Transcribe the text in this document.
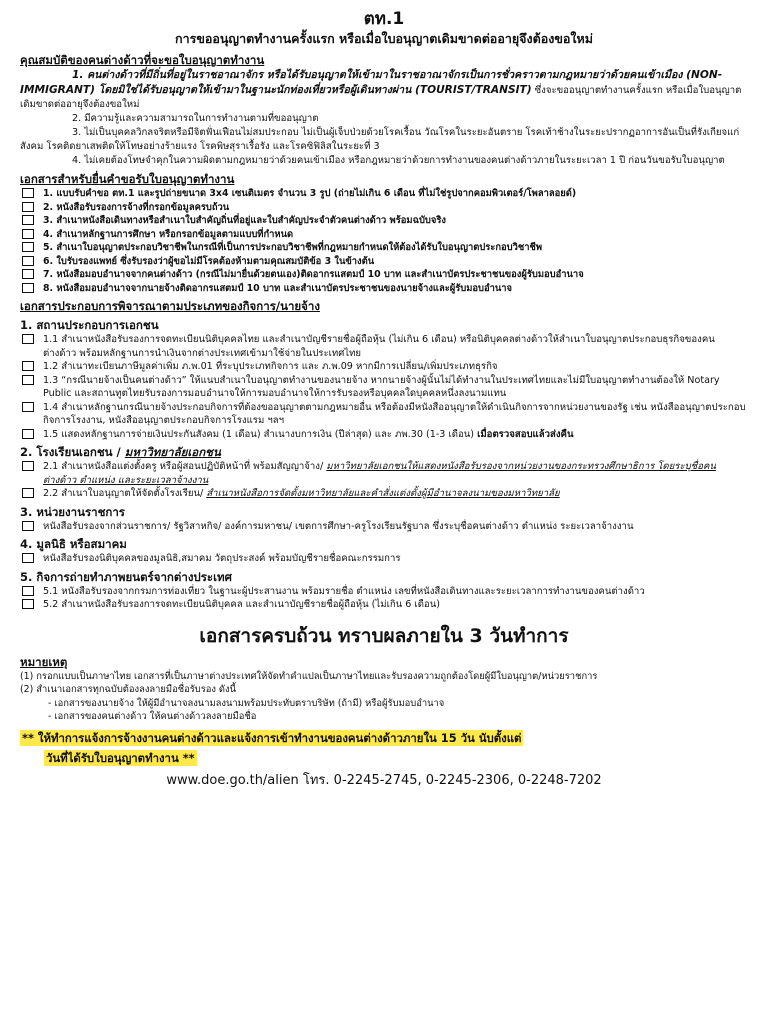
ตท.1
การขออนุญาตทำงานครั้งแรก หรือเมื่อใบอนุญาตเดิมขาดต่ออายุจึงต้องขอใหม่
คุณสมบัติของคนต่างด้าวที่จะขอใบอนุญาตทำงาน
1. คนต่างด้าวที่มีถิ่นที่อยู่ในราชอาณาจักร หรือได้รับอนุญาตให้เข้ามาในราชอาณาจักรเป็นการชั่วคราวตามกฎหมายว่าด้วยคนเข้าเมือง (NON-IMMIGRANT) โดยมิใช่ได้รับอนุญาตให้เข้ามาในฐานะนักท่องเที่ยวหรือผู้เดินทางผ่าน (TOURIST/TRANSIT) ซึ่งจะขออนุญาตทำงานครั้งแรก หรือเมื่อใบอนุญาตเดิมขาดต่ออายุจึงต้องขอใหม่
2. มีความรู้และความสามารถในการทำงานตามที่ขออนุญาต
3. ไม่เป็นบุคคลวิกลจริตหรือมีจิตฟั่นเฟือนไม่สมประกอบ ไม่เป็นผู้เจ็บป่วยด้วยโรคเรื้อน วัณโรคในระยะอันตราย โรคเท้าช้างในระยะปรากฏอาการอันเป็นที่รังเกียจแก่สังคม โรคติดยาเสพติดให้โทษอย่างร้ายแรง โรคพิษสุราเรื้อรัง และโรคซิฟิลิสในระยะที่ 3
4. ไม่เคยต้องโทษจำคุกในความผิดตามกฎหมายว่าด้วยคนเข้าเมือง หรือกฎหมายว่าด้วยการทำงานของคนต่างด้าวภายในระยะเวลา 1 ปี ก่อนวันขอรับใบอนุญาต
เอกสารสำหรับยื่นคำขอรับใบอนุญาตทำงาน
1. แบบรับคำขอ ตท.1 และรูปถ่ายขนาด 3x4 เซนติเมตร จำนวน 3 รูป (ถ่ายไม่เกิน 6 เดือน ที่ไม่ใช่รูปจากคอมพิวเตอร์/โพลาลอยด์)
2. หนังสือรับรองการจ้างที่กรอกข้อมูลครบถ้วน
3. สำเนาหนังสือเดินทางหรือสำเนาใบสำคัญถิ่นที่อยู่และใบสำคัญประจำตัวคนต่างด้าว พร้อมฉบับจริง
4. สำเนาหลักฐานการศึกษา หรือกรอกข้อมูลตามแบบที่กำหนด
5. สำเนาใบอนุญาตประกอบวิชาชีพในกรณีที่เป็นการประกอบวิชาชีพที่กฎหมายกำหนดให้ต้องได้รับใบอนุญาตประกอบวิชาชีพ
6. ใบรับรองแพทย์ ซึ่งรับรองว่าผู้ขอไม่มีโรคต้องห้ามตามคุณสมบัติข้อ 3 ในข้างต้น
7. หนังสือมอบอำนาจจากคนต่างด้าว (กรณีไม่มายื่นด้วยตนเอง)ติดอากรแสตมป์ 10 บาท และสำเนาบัตรประชาชนของผู้รับมอบอำนาจ
8. หนังสือมอบอำนาจจากนายจ้างติดอากรแสตมป์ 10 บาท และสำเนาบัตรประชาชนของนายจ้างและผู้รับมอบอำนาจ
เอกสารประกอบการพิจารณาตามประเภทของกิจการ/นายจ้าง
1. สถานประกอบการเอกชน
1.1 สำเนาหนังสือรับรองการจดทะเบียนนิติบุคคลไทย และสำเนาบัญชีรายชื่อผู้ถือหุ้น (ไม่เกิน 6 เดือน) หรือนิติบุคคลต่างด้าวให้สำเนาใบอนุญาตประกอบธุรกิจของคนต่างด้าว พร้อมหลักฐานการนำเงินจากต่างประเทศเข้ามาใช้จ่ายในประเทศไทย
1.2 สำเนาทะเบียนภาษีมูลค่าเพิ่ม ภ.พ.01 ที่ระบุประเภทกิจการ และ ภ.พ.09 หากมีการเปลี่ยน/เพิ่มประเภทธุรกิจ
1.3 “กรณีนายจ้างเป็นคนต่างด้าว” ให้แนบสำเนาใบอนุญาตทำงานของนายจ้าง หากนายจ้างผู้นั้นไม่ได้ทำงานในประเทศไทยและไม่มีใบอนุญาตทำงานต้องให้ Notary Public และสถานทูตไทยรับรองการมอบอำนาจให้การมอบอำนาจให้การรับรองหรือบุคคลใดบุคคลหนึ่งลงนามแทน
1.4 สำเนาหลักฐานกรณีนายจ้างประกอบกิจการที่ต้องขออนุญาตตามกฎหมายอื่น หรือต้องมีหนังสืออนุญาตให้ดำเนินกิจการจากหน่วยงานของรัฐ เช่น หนังสืออนุญาตประกอบกิจการโรงงาน, หนังสืออนุญาตประกอบกิจการโรงแรม ฯลฯ
1.5 แสดงหลักฐานการจ่ายเงินประกันสังคม (1 เดือน) สำเนางบการเงิน (ปีล่าสุด) และ ภพ.30 (1-3 เดือน) เมื่อตรวจสอบแล้วส่งคืน
2. โรงเรียนเอกชน / มหาวิทยาลัยเอกชน
2.1 สำเนาหนังสือแต่งตั้งครู หรือผู้สอนปฏิบัติหน้าที่ พร้อมสัญญาจ้าง/ มหาวิทยาลัยเอกชนให้แสดงหนังสือรับรองจากหน่วยงานของกระทรวงศึกษาธิการ โดยระบุชื่อคนต่างด้าว ตำแหน่ง และระยะเวลาจ้างงาน
2.2 สำเนาใบอนุญาตให้จัดตั้งโรงเรียน/ สำเนาหนังสือการจัดตั้งมหาวิทยาลัยและคำสั่งแต่งตั้งผู้มีอำนาจลงนามของมหาวิทยาลัย
3. หน่วยงานราชการ
หนังสือรับรองจากส่วนราชการ/ รัฐวิสาหกิจ/ องค์การมหาชน/ เขตการศึกษา-ครูโรงเรียนรัฐบาล ซึ่งระบุชื่อคนต่างด้าว ตำแหน่ง ระยะเวลาจ้างงาน
4. มูลนิธิ หรือสมาคม
หนังสือรับรองนิติบุคคลของมูลนิธิ,สมาคม วัตถุประสงค์ พร้อมบัญชีรายชื่อคณะกรรมการ
5. กิจการถ่ายทำภาพยนตร์จากต่างประเทศ
5.1 หนังสือรับรองจากกรมการท่องเที่ยว ในฐานะผู้ประสานงาน พร้อมรายชื่อ ตำแหน่ง เลขที่หนังสือเดินทางและระยะเวลาการทำงานของคนต่างด้าว
5.2 สำเนาหนังสือรับรองการจดทะเบียนนิติบุคคล และสำเนาบัญชีรายชื่อผู้ถือหุ้น (ไม่เกิน 6 เดือน)
เอกสารครบถ้วน ทราบผลภายใน 3 วันทำการ
หมายเหตุ
(1) กรอกแบบเป็นภาษาไทย เอกสารที่เป็นภาษาต่างประเทศให้จัดทำคำแปลเป็นภาษาไทยและรับรองความถูกต้องโดยผู้มีใบอนุญาต/หน่วยราชการ
(2) สำเนาเอกสารทุกฉบับต้องลงลายมือชื่อรับรอง ดังนี้
- เอกสารของนายจ้าง ให้ผู้มีอำนาจลงนามลงนามพร้อมประทับตราบริษัท (ถ้ามี) หรือผู้รับมอบอำนาจ
- เอกสารของคนต่างด้าว ให้คนต่างด้าวลงลายมือชื่อ
** ให้ทำการแจ้งการจ้างงานคนต่างด้าวและแจ้งการเข้าทำงานของคนต่างด้าวภายใน 15 วัน นับตั้งแต่
วันที่ได้รับใบอนุญาตทำงาน **
www.doe.go.th/alien โทร. 0-2245-2745, 0-2245-2306, 0-2248-7202
